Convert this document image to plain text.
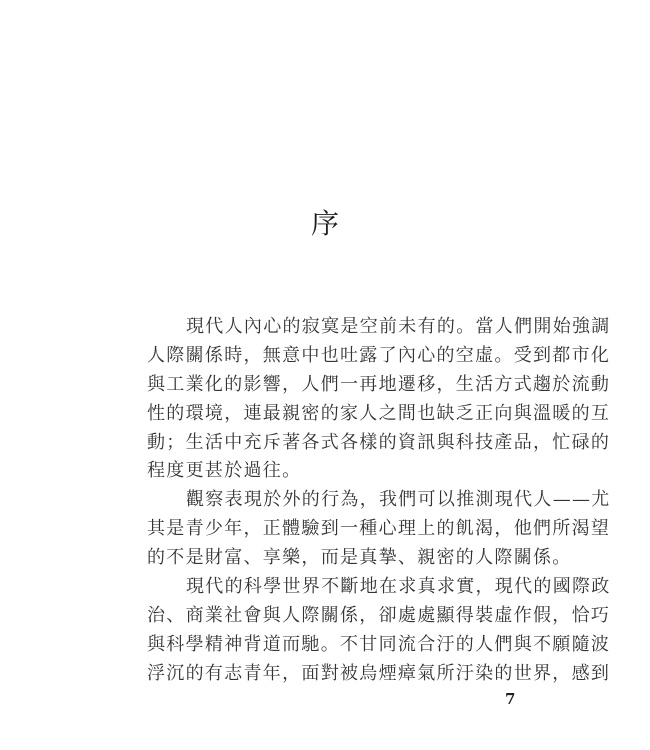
序
現代人內心的寂寞是空前未有的。當人們開始強調
人際關係時，無意中也吐露了內心的空虛。受到都市化
與工業化的影響，人們一再地遷移，生活方式趨於流動
性的環境，連最親密的家人之間也缺乏正向與溫暖的互
動；生活中充斥著各式各樣的資訊與科技產品，忙碌的
程度更甚於過往。
觀察表現於外的行為，我們可以推測現代人——尤
其是青少年，正體驗到一種心理上的飢渴，他們所渴望
的不是財富、享樂，而是真摯、親密的人際關係。
現代的科學世界不斷地在求真求實，現代的國際政
治、商業社會與人際關係，卻處處顯得裝虛作假，恰巧
與科學精神背道而馳。不甘同流合汙的人們與不願隨波
浮沉的有志青年，面對被烏煙瘴氣所汙染的世界，感到
7
